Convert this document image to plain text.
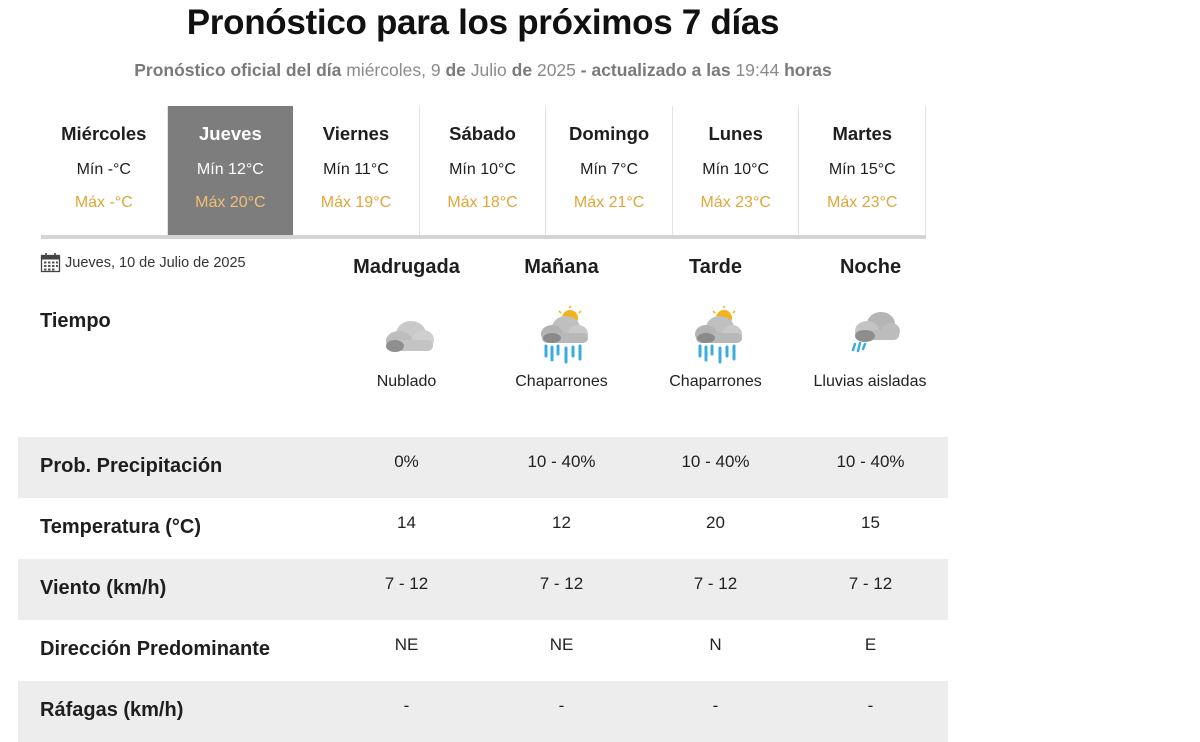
Pronóstico para los próximos 7 días
Pronóstico oficial del día miércoles, 9 de Julio de 2025 - actualizado a las 19:44 horas
Miércoles
Mín -°C
Máx -°C
Jueves
Mín 12°C
Máx 20°C
Viernes
Mín 11°C
Máx 19°C
Sábado
Mín 10°C
Máx 18°C
Domingo
Mín 7°C
Máx 21°C
Lunes
Mín 10°C
Máx 23°C
Martes
Mín 15°C
Máx 23°C
Jueves, 10 de Julio de 2025	Madrugada	Mañana	Tarde	Noche
Tiempo
Nublado	Chaparrones	Chaparrones	Lluvias aisladas
Prob. Precipitación	0%	10 - 40%	10 - 40%	10 - 40%
Temperatura (°C)	14	12	20	15
Viento (km/h)	7 - 12	7 - 12	7 - 12	7 - 12
Dirección Predominante	NE	NE	N	E
Ráfagas (km/h)	-	-	-	-
